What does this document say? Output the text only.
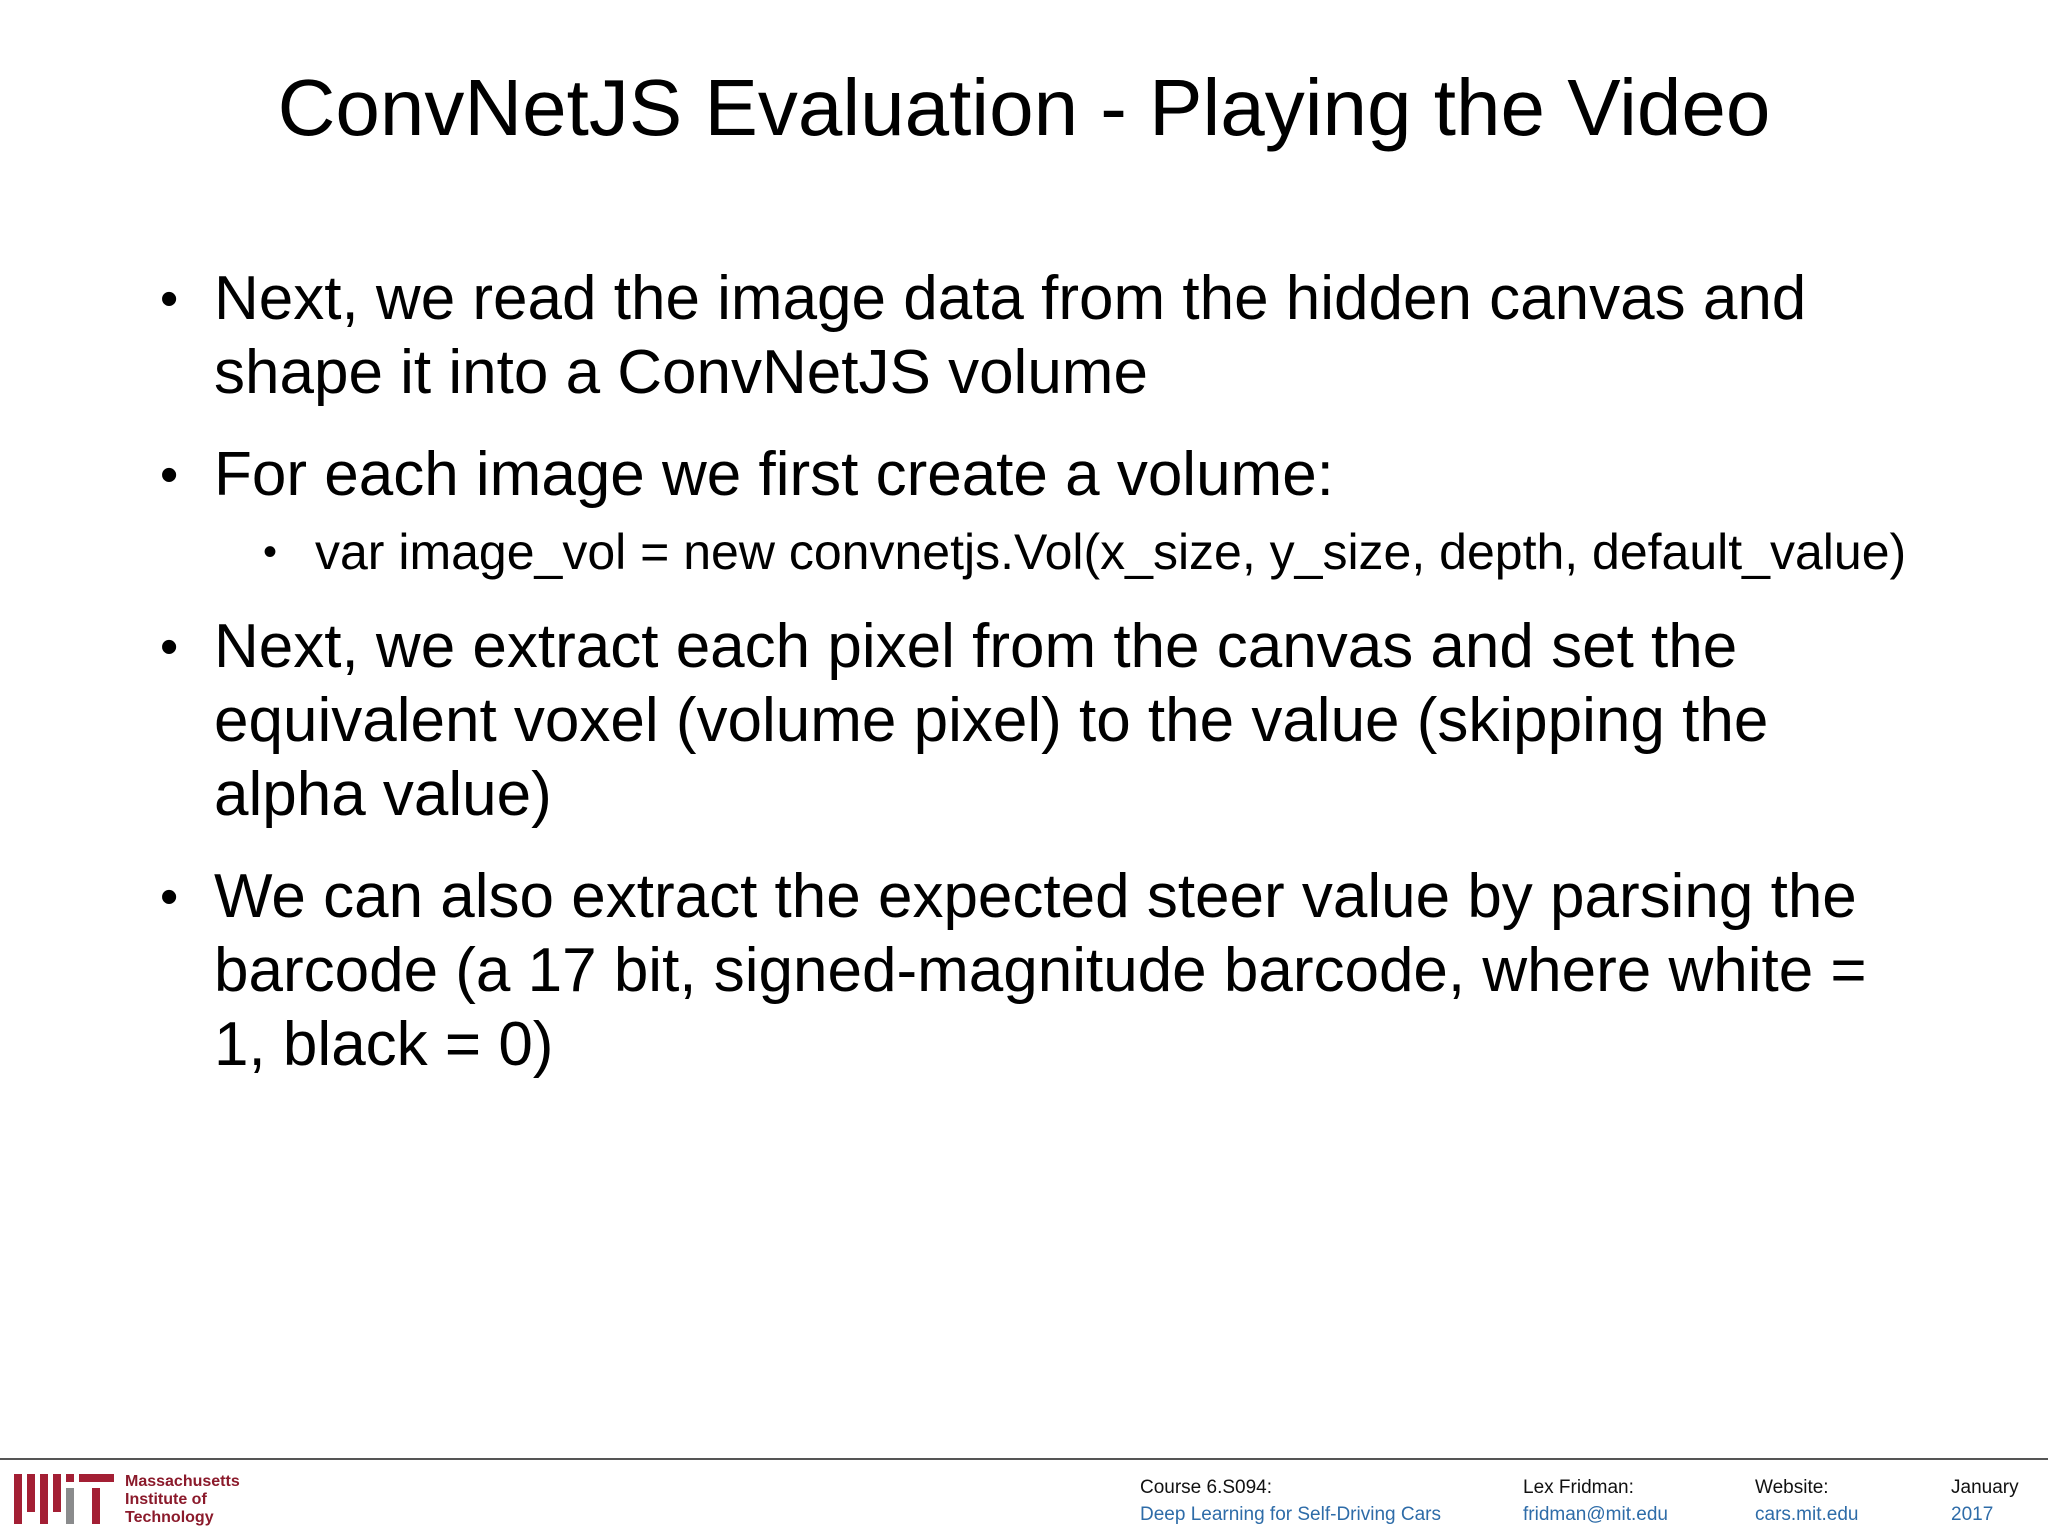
ConvNetJS Evaluation - Playing the Video
• Next, we read the image data from the hidden canvas and shape it into a ConvNetJS volume
• For each image we first create a volume:
• var image_vol = new convnetjs.Vol(x_size, y_size, depth, default_value)
• Next, we extract each pixel from the canvas and set the equivalent voxel (volume pixel) to the value (skipping the alpha value)
• We can also extract the expected steer value by parsing the barcode (a 17 bit, signed-magnitude barcode, where white = 1, black = 0)
Massachusetts
Institute of
Technology
Course 6.S094:
Deep Learning for Self-Driving Cars
Lex Fridman:
fridman@mit.edu
Website:
cars.mit.edu
January
2017
